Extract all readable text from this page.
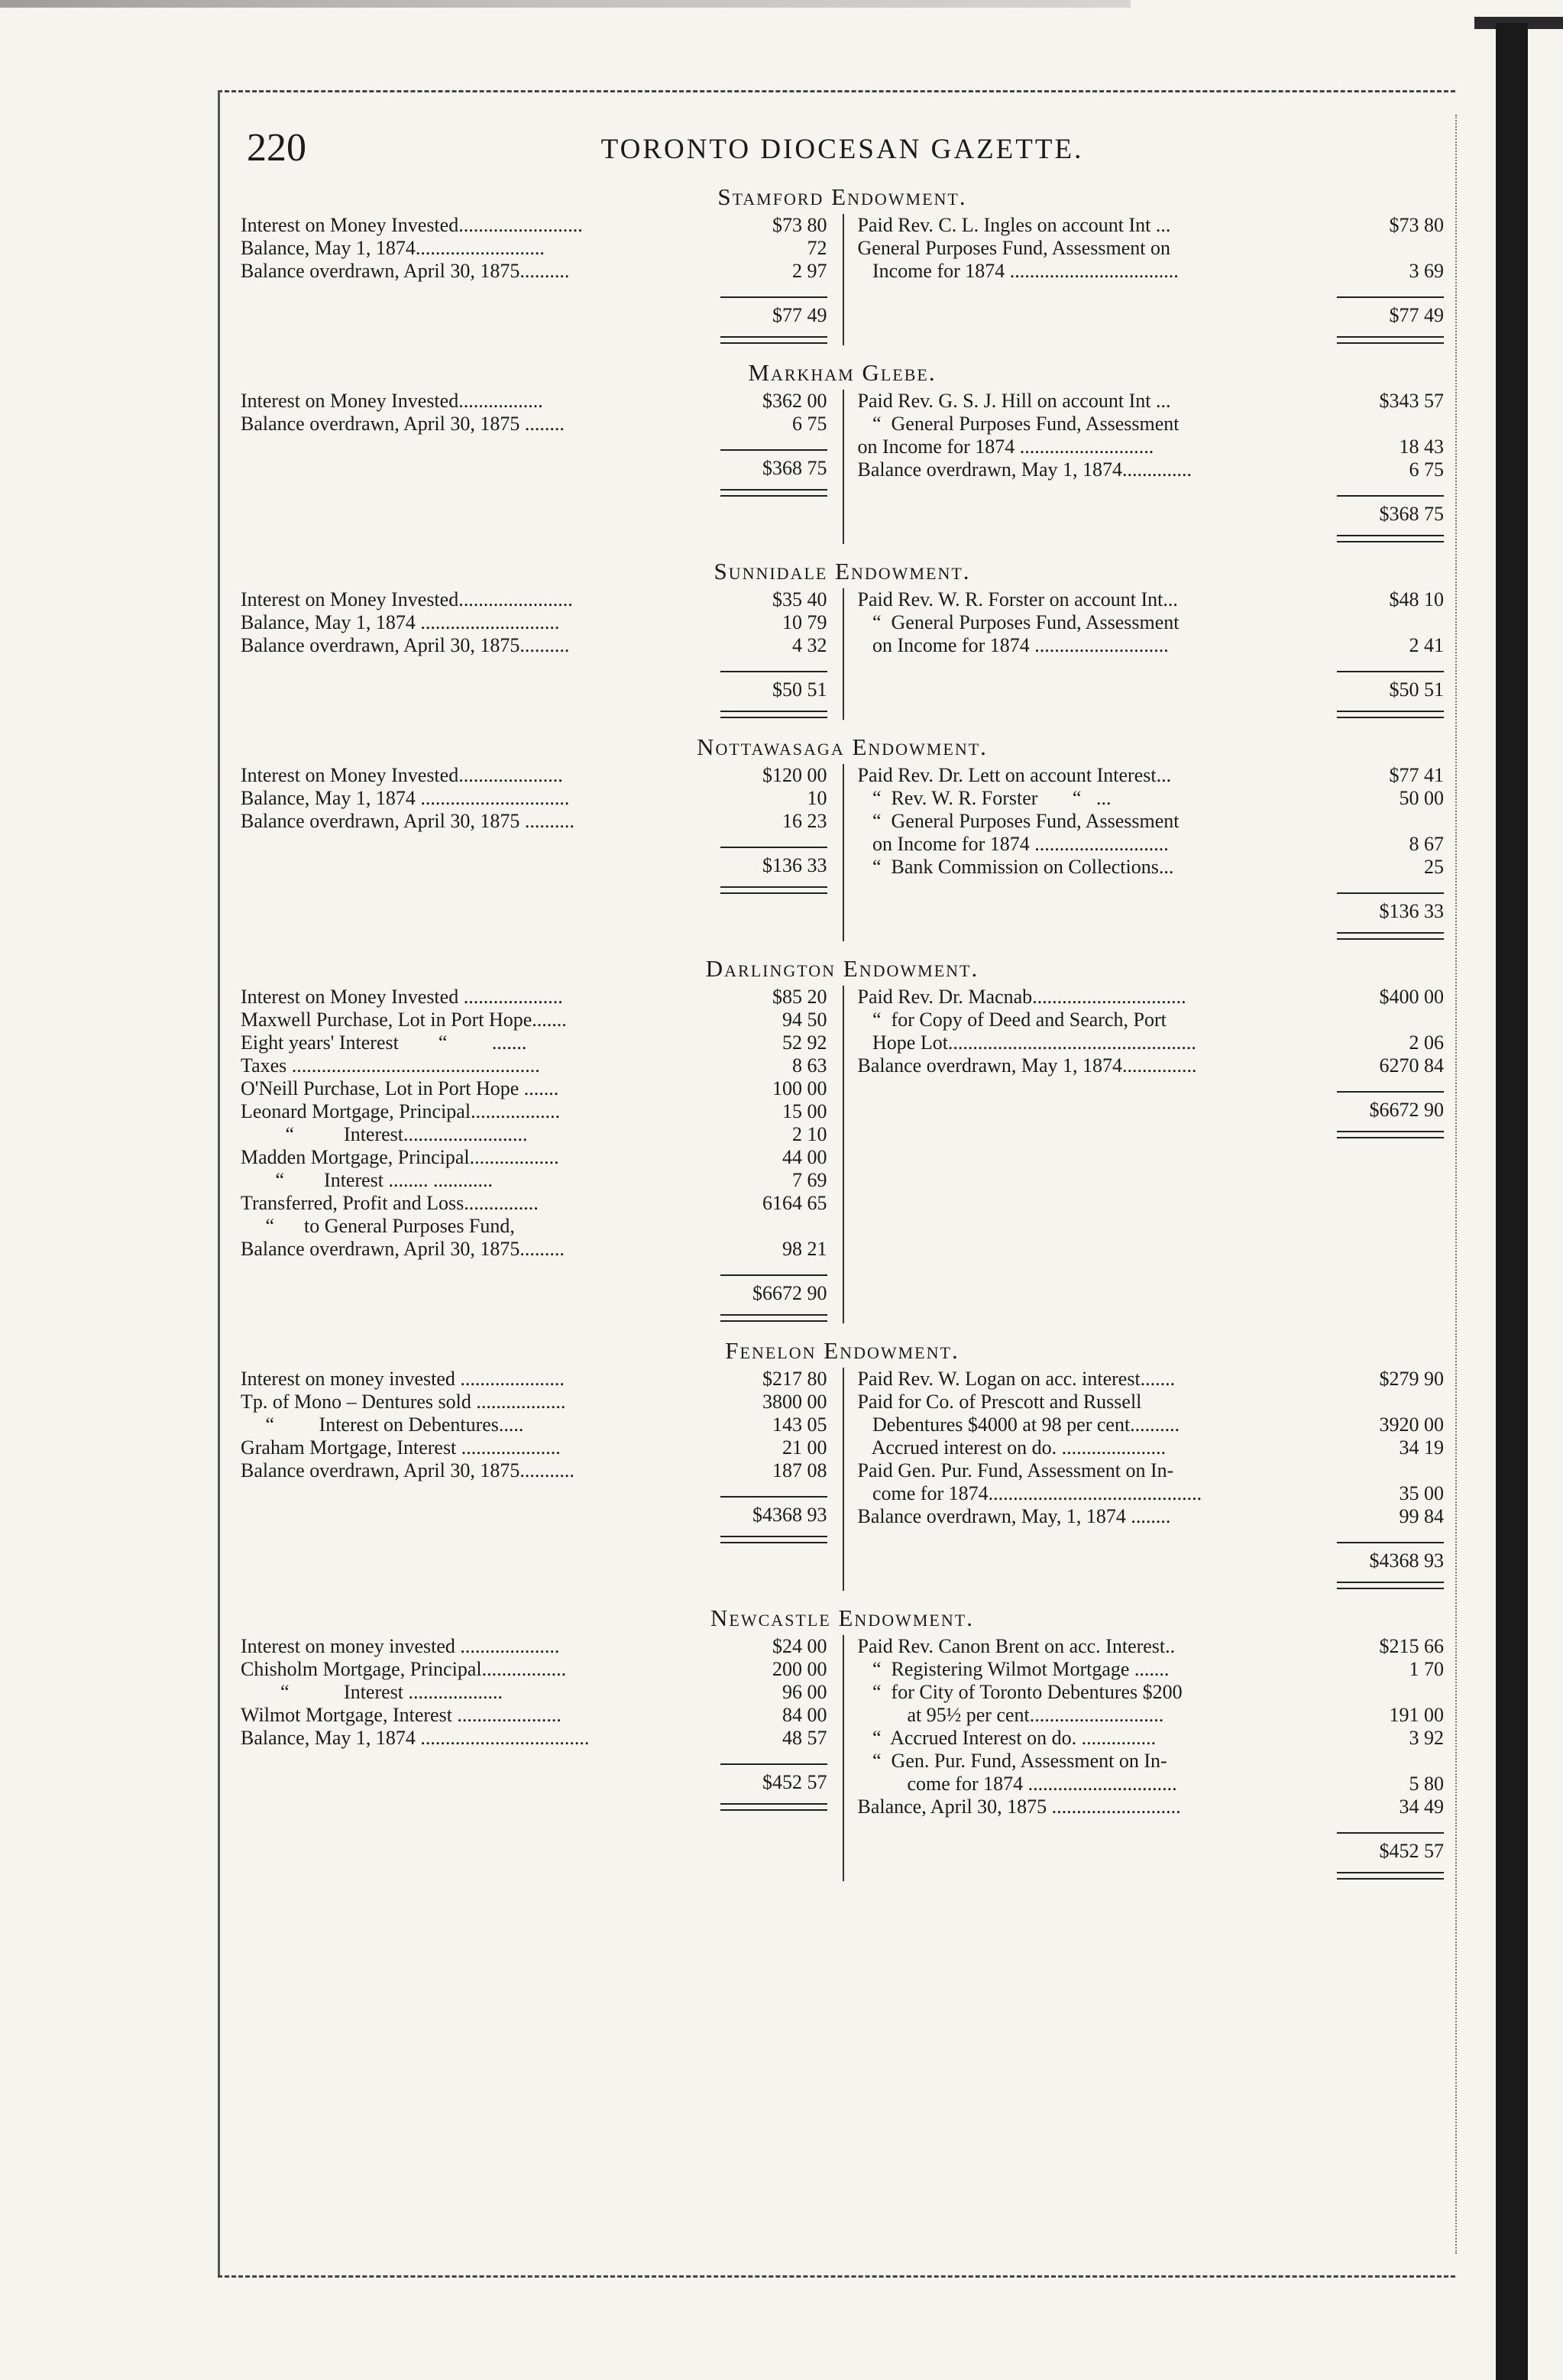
220	TORONTO DIOCESAN GAZETTE.
Stamford Endowment.
Interest on Money Invested.........................	$73 80
Balance, May 1, 1874..........................	72
Balance overdrawn, April 30, 1875..........	2 97
$77 49
Paid Rev. C. L. Ingles on account Int ...	$73 80
General Purposes Fund, Assessment on
Income for 1874 ..................................	3 69
$77 49
Markham Glebe.
Interest on Money Invested.................	$362 00
Balance overdrawn, April 30, 1875 ........	6 75
$368 75
Paid Rev. G. S. J. Hill on account Int ...	$343 57
“  General Purposes Fund, Assessment
on Income for 1874 ...........................	18 43
Balance overdrawn, May 1, 1874..............	6 75
$368 75
Sunnidale Endowment.
Interest on Money Invested.......................	$35 40
Balance, May 1, 1874 ............................	10 79
Balance overdrawn, April 30, 1875..........	4 32
$50 51
Paid Rev. W. R. Forster on account Int...	$48 10
“  General Purposes Fund, Assessment
on Income for 1874 ...........................	2 41
$50 51
Nottawasaga Endowment.
Interest on Money Invested.....................	$120 00
Balance, May 1, 1874 ..............................	10
Balance overdrawn, April 30, 1875 ..........	16 23
$136 33
Paid Rev. Dr. Lett on account Interest...	$77 41
“  Rev. W. R. Forster       “   ...	50 00
“  General Purposes Fund, Assessment
on Income for 1874 ...........................	8 67
“  Bank Commission on Collections...	25
$136 33
Darlington Endowment.
Interest on Money Invested ....................	$85 20
Maxwell Purchase, Lot in Port Hope.......	94 50
Eight years' Interest        “         .......	52 92
Taxes ..................................................	8 63
O'Neill Purchase, Lot in Port Hope .......	100 00
Leonard Mortgage, Principal..................	15 00
“          Interest.........................	2 10
Madden Mortgage, Principal..................	44 00
“        Interest ........ ............	7 69
Transferred, Profit and Loss...............	6164 65
“      to General Purposes Fund,
Balance overdrawn, April 30, 1875.........	98 21
$6672 90
Paid Rev. Dr. Macnab...............................	$400 00
“  for Copy of Deed and Search, Port
Hope Lot..................................................	2 06
Balance overdrawn, May 1, 1874...............	6270 84
$6672 90
Fenelon Endowment.
Interest on money invested .....................	$217 80
Tp. of Mono – Dentures sold ..................	3800 00
“         Interest on Debentures.....	143 05
Graham Mortgage, Interest ....................	21 00
Balance overdrawn, April 30, 1875...........	187 08
$4368 93
Paid Rev. W. Logan on acc. interest.......	$279 90
Paid for Co. of Prescott and Russell
Debentures $4000 at 98 per cent..........	3920 00
Accrued interest on do. .....................	34 19
Paid Gen. Pur. Fund, Assessment on In-
come for 1874...........................................	35 00
Balance overdrawn, May, 1, 1874 ........	99 84
$4368 93
Newcastle Endowment.
Interest on money invested ....................	$24 00
Chisholm Mortgage, Principal.................	200 00
“           Interest ...................	96 00
Wilmot Mortgage, Interest .....................	84 00
Balance, May 1, 1874 ..................................	48 57
$452 57
Paid Rev. Canon Brent on acc. Interest..	$215 66
“  Registering Wilmot Mortgage .......	1 70
“  for City of Toronto Debentures $200
at 95½ per cent...........................	191 00
“  Accrued Interest on do. ...............	3 92
“  Gen. Pur. Fund, Assessment on In-
come for 1874 ..............................	5 80
Balance, April 30, 1875 ..........................	34 49
$452 57
